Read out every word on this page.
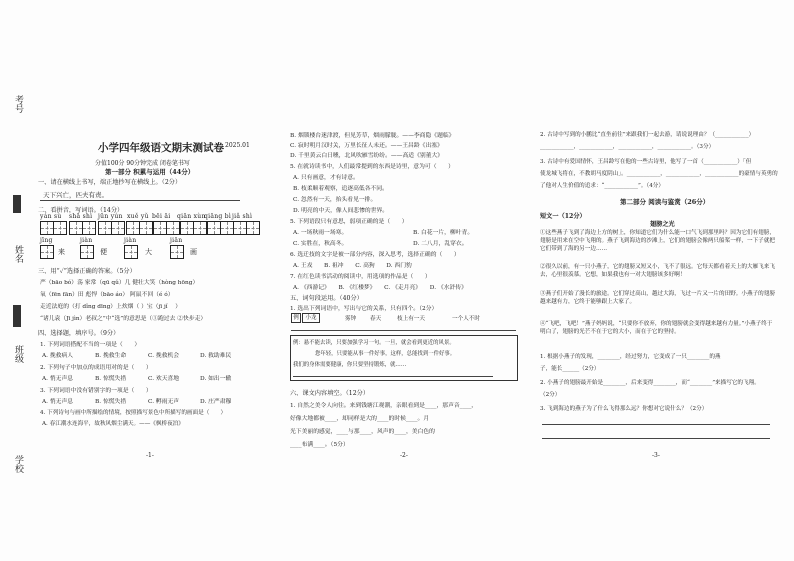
考号
姓名
班级
学校
小学四年级语文期末测试卷 2025.01
分值100分 90分钟完成 闭卷笔书写
第一部分 积累与运用（44分）
一、请在横线上书写，端正地抄写在横线上。（2分）
天下兴亡，匹夫有责。
二、看拼音，写词语。（14分）
yán sù shā shì jūn yún xuě yǔ bēi āi qiān xùn
qiāng bì jiǎ shì
jīng	jiàn	jiàn	jiān
来	便	大	画
三、用“✓”选择正确的答案。（5分）
严（bāo bó）荡 家常（qū qǔ）几 健壮大笑（hòng hōng）
氧（fēn fān）田 彪悍（bāo áo） 阿鼠不回（é ó）
走近法庭的（打 dǐng dīng）上炊烟（ ）宝（jī jǐ 　）
“诸儿袁（Jī jìn）老叔之”中“选”的意思是（①跑过去 ②快步走）
四、选择题，填序号。（9分）
1. 下列词语搭配不当的一项是（　　）
A. 挽救病人	B. 挽救生命	C. 挽救机会	D. 救助难民
2. 下列句子中加点的成语用对的是（　　）
A. 悄无声息	B. 惊慌失措	C. 欢天喜地	D. 如出一辙
3. 下列词语中没有错别字的一项是（　　）
A. 悄无声息	B. 惊慌失措	C. 孵雨无声	D. 庄严肃穆
4. 下列诗句与画中所描绘的情境，按照描写景色中所描写的画面是（　　）
A. 春江潮水连海平，故秋风烟尘满天。——《枫桥夜泊》
-1-
B. 烟锁楼台迷津渡，但见芳草，烟雨朦胧。——李商隐《题临》
C. 寂时明月汉时关，万里长征人未还。——王昌龄《出塞》
D. 千里黄云白日曛，北风吹雁雪纷纷。——高适《别董大》
5. 在就诗读书中，人们最常提到的东西是诗里，意为可（　　）
A. 只有画意，才有诗意。
B. 枝柔顺着观察，追逐高低各不同。
C. 忽然有一天，抬头看见一排。
D. 明亮的中天，像人间悲惨的世界。
5. 下列语段只有意思，弱项正确的是（　　）
A. 一场秋雨一场寒。	B. 白花一片，柳叶青。
C. 实胜在，秋高冬。	D. 二八月，乱穿衣。
6. 选迁技的文字是被一部分内容，深入思考，选择正确的（　　）
A. 王戎　　B. 祖冲　　C. 高狗　　D. 西门豹
7. 在红色读书活动的阅读中，用选项的作品是（　　）
A. 《西游记》　　B. 《红楼梦》　　C. 《走月亮》　　D. 《水浒传》
五、词句段运用。（40分）
1. 选出下列词语中，写出与它的关系，只有四个。（2分）
例	小龙	雾钟 春天	枝上有一天	一个人不时
例：悬不能去读，只要加强学习一句。一旦，就会看到更近的风景。
您年轻，只要能从事一件好事，这样，总能找到一件好事。
我们的身体需要健康，你只要坚持锻炼，就……
六、课文内容填空。（12分）
1. 自然之美令人向往。来到钱塘江观潮，亲眼看到是____，那声音____，
好像大地都被____，却同样是大的____的时候____。月
光下美丽的感觉，____与那____，风声的____，美白色的
____布满____。（5分）
-2-
2. 古诗中写到的小鹏比“直坐前往”来跟我们一起去游，请说说理由？（____________）
____________，____________，____________，____________。（3分）
3. 古诗中有爱国情怀，王昌龄写在他的一些古诗里，他写了一首（____________）「但
使龙城飞将在，不教胡马度阴山」。____________，____________，____________的豪情与英勇的
了他对人生价值的追求：“____________”。（4分）
第二部分 阅读与鉴赏（26分）
短文一（12分）
翅膀之光
①这些燕子飞到了海边上方的树上，你知道它们为什么能一口气飞到那里吗？因为它们有翅膀，翅膀是用来在空中飞翔的。燕子飞到海边的沙滩上，它们的翅膀会像两只船桨一样，一下子就把它们带到了海的另一边……
②很久以前，有一只小燕子，它的翅膀又短又小，飞不了很远。它每天都看着天上的大雁飞来飞去，心里很羡慕。它想，如果我也有一对大翅膀该多好啊！
③燕子们开始了漫长的旅途。它们穿过高山，越过大海，飞过一片又一片的田野。小燕子的翅膀越来越有力，它终于能够跟上大家了。
④“飞吧，飞吧！”燕子妈妈说，“只要你不放弃，你的翅膀就会变得越来越有力量。”小燕子终于明白了，翅膀的光芒不在于它的大小，而在于它的坚持。
1. 根据小燕子的发现，________，经过努力，它变成了一只________的燕
子，能长______（2分）
2. 小燕子的翅膀最开始是________，后来变得________，而“________”来描写它的飞翔。
（2分）
3. 飞到海边的燕子为了什么飞得那么远？你想对它说什么？（2分）
-3-
